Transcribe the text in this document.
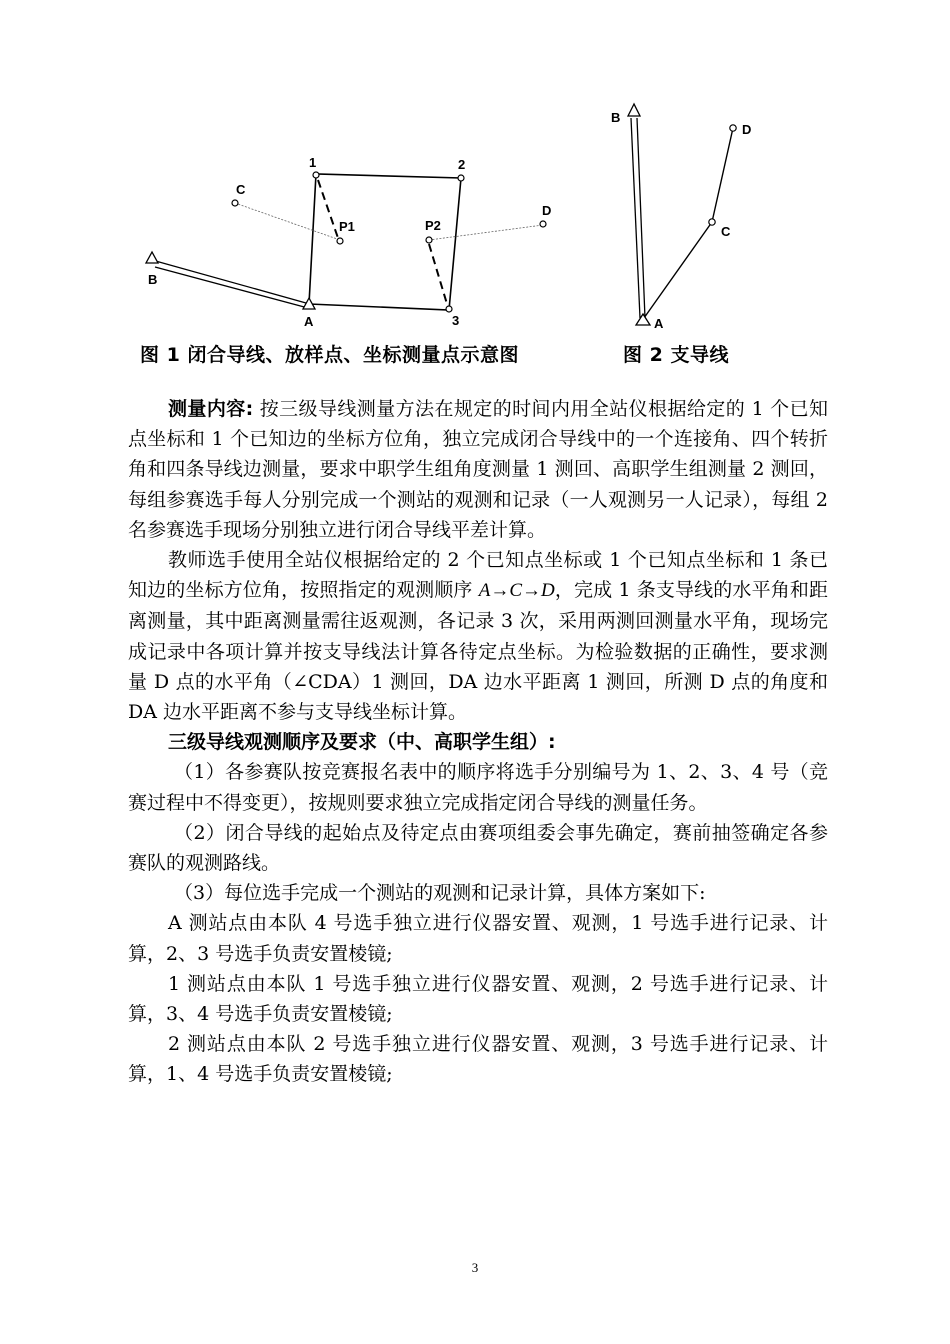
B
A
1	2
3
C
P1	P2
D
B
D
C
A
图 1 闭合导线、放样点、坐标测量点示意图	图 2 支导线

测量内容: 按三级导线测量方法在规定的时间内用全站仪根据给定的 1 个已知点坐标和 1 个已知边的坐标方位角，独立完成闭合导线中的一个连接角、四个转折角和四条导线边测量，要求中职学生组角度测量 1 测回、高职学生组测量 2 测回，每组参赛选手每人分别完成一个测站的观测和记录（一人观测另一人记录），每组 2 名参赛选手现场分别独立进行闭合导线平差计算。

教师选手使用全站仪根据给定的 2 个已知点坐标或 1 个已知点坐标和 1 条已知边的坐标方位角，按照指定的观测顺序 A→C→D，完成 1 条支导线的水平角和距离测量，其中距离测量需往返观测，各记录 3 次，采用两测回测量水平角，现场完成记录中各项计算并按支导线法计算各待定点坐标。为检验数据的正确性，要求测量 D 点的水平角（∠CDA）1 测回，DA 边水平距离 1 测回，所测 D 点的角度和 DA 边水平距离不参与支导线坐标计算。

三级导线观测顺序及要求（中、高职学生组）:

（1）各参赛队按竞赛报名表中的顺序将选手分别编号为 1、2、3、4 号（竞赛过程中不得变更），按规则要求独立完成指定闭合导线的测量任务。

（2）闭合导线的起始点及待定点由赛项组委会事先确定，赛前抽签确定各参赛队的观测路线。

（3）每位选手完成一个测站的观测和记录计算，具体方案如下:

A 测站点由本队 4 号选手独立进行仪器安置、观测，1 号选手进行记录、计算，2、3 号选手负责安置棱镜;

1 测站点由本队 1 号选手独立进行仪器安置、观测，2 号选手进行记录、计算，3、4 号选手负责安置棱镜;

2 测站点由本队 2 号选手独立进行仪器安置、观测，3 号选手进行记录、计算，1、4 号选手负责安置棱镜;

3
